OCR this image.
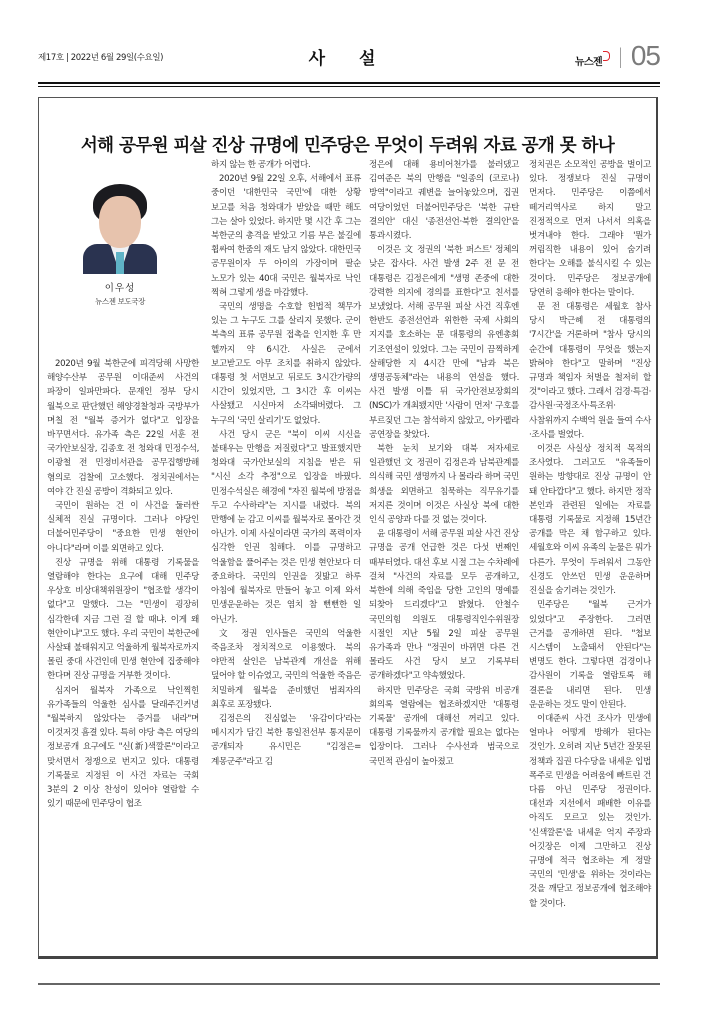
제17호 | 2022년 6월 29일(수요일)	사 설	뉴스젠 | 05
서해 공무원 피살 진상 규명에 민주당은 무엇이 두려워 자료 공개 못 하나
이우성
뉴스젠 보도국장

2020년 9월 북한군에 피격당해 사망한 해양수산부 공무원 이대준씨 사건의 파장이 일파만파다. 문재인 정부 당시 월북으로 판단했던 해양경찰청과 국방부가 며칠 전 "월북 증거가 없다"고 입장을 바꾸면서다. 유가족 측은 22일 서훈 전 국가안보실장, 김종호 전 청와대 민정수석, 이광철 전 민정비서관을 공무집행방해 혐의로 검찰에 고소했다. 정치권에서는 여야 간 진실 공방이 격화되고 있다.

국민이 원하는 건 이 사건을 둘러싼 실체적 진실 규명이다. 그러나 야당인 더불어민주당이 "중요한 민생 현안이 아니다"라며 이를 외면하고 있다.

진상 규명을 위해 대통령 기록물을 열람해야 한다는 요구에 대해 민주당 우상호 비상대책위원장이 "협조할 생각이 없다"고 말했다. 그는 "민생이 굉장히 심각한데 지금 그런 걸 할 때냐. 이게 왜 현안이냐"고도 했다. 우리 국민이 북한군에 사살돼 불태워지고 억울하게 월북자로까지 몰린 중대 사건인데 민생 현안에 집중해야 한다며 진상 규명을 거부한 것이다.

심지어 월북자 가족으로 낙인찍힌 유가족들의 억울한 심사를 달래주긴커녕 "월북하지 않았다는 증거를 내라"며 이것저것 흠결 있다. 특히 야당 측은 여당의 정보공개 요구에도 "신(新)색깔론"이라고 맞서면서 정쟁으로 번지고 있다. 대통령 기록물로 지정된 이 사건 자료는 국회 3분의 2 이상 찬성이 있어야 열람할 수 있기 때문에 민주당이 협조

하지 않는 한 공개가 어렵다.

2020년 9월 22일 오후, 서해에서 표류 중이던 '대한민국 국민'에 대한 상황 보고를 처음 청와대가 받았을 때만 해도 그는 살아 있었다. 하지만 몇 시간 후 그는 북한군의 총격을 받았고 기름 부은 불길에 휩싸여 한줌의 재도 남지 않았다. 대한민국 공무원이자 두 아이의 가장이며 팔순 노모가 있는 40대 국민은 월북자로 낙인 찍혀 그렇게 생을 마감했다.

국민의 생명을 수호할 헌법적 책무가 있는 그 누구도 그를 살리지 못했다. 군이 북측의 표류 공무원 접촉을 인지한 후 만 헬까지 약 6시간. 사실은 군에서 보고받고도 아무 조치를 취하지 않았다. 대통령 첫 서면보고 뒤로도 3시간가량의 시간이 있었지만, 그 3시간 후 이씨는 사살됐고 시신마저 소각돼버렸다. 그 누구의 '국민 살리기'도 없었다.

사건 당시 군은 "북이 이씨 시신을 불태우는 만행을 저질렀다"고 발표했지만 청와대 국가안보실의 지침을 받은 뒤 "시신 소각 추정"으로 입장을 바꿨다. 민정수석실은 해경에 "자진 월북에 방점을 두고 수사하라"는 지시를 내렸다. 북의 만행에 눈 감고 이씨를 월북자로 몰아간 것 아닌가. 이제 사실이라면 국가의 폭력이자 심각한 인권 침해다. 이를 규명하고 억울함을 풀어주는 것은 민생 현안보다 더 중요하다. 국민의 인권을 짓밟고 하루 아침에 월북자로 만들어 놓고 이제 와서 민생운운하는 것은 염치 참 뻔뻔한 일 아닌가.

文 정권 인사들은 국민의 억울한 죽음조차 정치적으로 이용했다. 북의 야만적 살인은 남북관계 개선을 위해 덮어야 할 이슈였고, 국민의 억울한 죽음은 치밀하게 월북을 준비했던 범죄자의 최후로 포장됐다.

김정은의 진심없는 '유감이다'라는 메시지가 담긴 북한 통일전선부 통지문이 공개되자 유시민은 "김정은=계몽군주"라고 김

정은에 대해 용비어천가를 불러댔고 김여준은 북의 만행을 "일종의 (코로나) 방역"이라고 궤변을 늘어놓았으며, 집권 여당이었던 더불어민주당은 '북한 규탄 결의안' 대신 '종전선언·북한 결의안'을 통과시켰다.

이것은 文 정권의 '북한 퍼스트' 정체의 낮은 잡사다. 사건 발생 2주 전 문 전 대통령은 김정은에게 "생명 존중에 대한 강력한 의지에 경의를 표한다"고 친서를 보냈었다. 서해 공무원 피살 사건 직후엔 한반도 종전선언과 위한한 국제 사회의 지지를 호소하는 문 대통령의 유엔총회 기조연설이 있었다. 그는 국민이 끔찍하게 살해당한 지 4시간 만에 "남과 북은 생명공동체"라는 내용의 연설을 했다. 사건 발생 이틀 뒤 국가안전보장회의(NSC)가 개최됐지만 '사람이 먼저' 구호를 부르짖던 그는 참석하지 않았고, 아카펠라 공연장을 찾았다.

북한 눈치 보기와 대북 저자세로 일관했던 文 정권이 김정은과 남북관계를 의식해 국민 생명까지 나 몰라라 하며 국민 희생을 외면하고 침묵하는 직무유기를 저지른 것이며 이것은 사실상 북에 대한 인식 공양과 다를 것 없는 것이다.

윤 대통령이 서해 공무원 피살 사건 진상 규명을 공개 언급한 것은 다섯 번째인 때부터였다. 대선 후보 시절 그는 수차례에 걸쳐 "사건의 자료를 모두 공개하고, 북한에 의해 죽임을 당한 고인의 명예를 되찾아 드리겠다"고 밝혔다. 안철수 국민의힘 의원도 대통령직인수위원장 시절인 지난 5월 2일 피살 공무원 유가족과 만나 "정권이 바뀌면 다른 건 몰라도 사건 당시 보고 기록부터 공개하겠다"고 약속했었다.

하지만 민주당은 국회 국방위 비공개 회의록 열람에는 협조하겠지만 '대통령 기록물' 공개에 대해선 꺼리고 있다. 대통령 기록물까지 공개할 필요는 없다는 입장이다. 그러나 수사선과 범국으로 국민적 관심이 높아졌고

정치권은 소모적인 공방을 벌이고 있다. 정쟁보다 진실 규명이 먼저다. 민주당은 이쯤에서 떼거리역사로 하지 말고 진정적으로 먼저 나서서 의혹을 벗겨내야 한다. 그래야 '뭔가 꺼림직한 내용이 있어 숨기려 한다'는 오해를 불식시킬 수 있는 것이다. 민주당은 정보공개에 당연히 응해야 한다는 말이다.

문 전 대통령은 세월호 참사 당시 박근혜 전 대통령의 '7시간'을 거론하며 "참사 당시의 순간에 대통령이 무엇을 했는지 밝혀야 한다"고 말하며 "진상 규명과 책임자 처벌을 철저히 할 것"이라고 했다. 그래서 검경·특검·감사원·국정조사·특조위·사참위까지 수백억 원을 들여 수사·조사를 벌였다.

이것은 사실상 정치적 목적의 조사였다. 그러고도 "유족들이 원하는 방향대로 진상 규명이 안 돼 안타깝다"고 했다. 하지만 정작 본인과 관련된 일에는 자료를 대통령 기록물로 지정해 15년간 공개를 막은 채 함구하고 있다. 세월호와 이씨 유족의 눈물은 뭐가 다른가. 무엇이 두려워서 그동안 신경도 안쓰던 민생 운운하며 진실을 숨기려는 것인가.

민주당은 "월북 근거가 있었다"고 주장한다. 그러면 근거를 공개하면 된다. "첩보 시스템이 노출돼서 안된다"는 변명도 한다. 그렇다면 검경이나 감사원이 기록을 열람토록 해 결론을 내리면 된다. 민생 운운하는 것도 말이 안된다.

이대준씨 사건 조사가 민생에 얼마나 어떻게 방해가 된다는 것인가. 오히려 지난 5년간 잘못된 정책과 집권 다수당을 내세운 입법 폭주로 민생을 어려움에 빠트린 건 다름 아닌 민주당 정권이다. 대선과 지선에서 패배한 이유를 아직도 모르고 있는 것인가. '신색깔론'을 내세운 억지 주장과 어깃장은 이제 그만하고 진상 규명에 적극 협조하는 게 정말 국민의 '민생'을 위하는 것이라는 것을 깨닫고 정보공개에 협조해야 할 것이다.
